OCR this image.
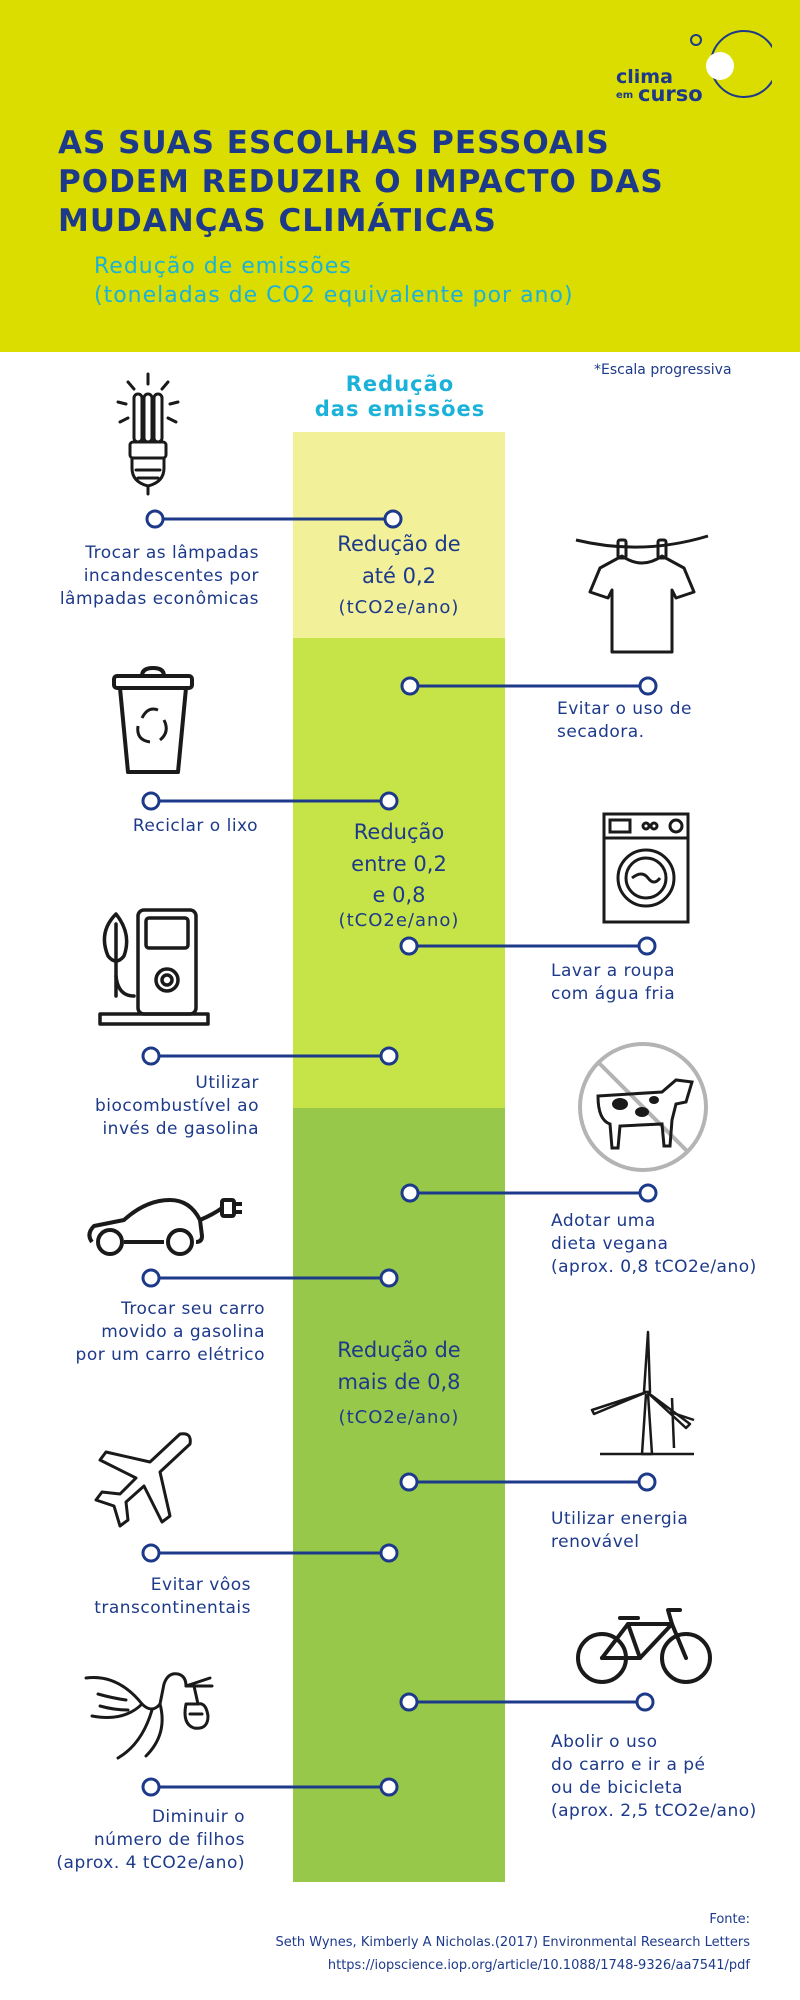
clima
em curso
AS SUAS ESCOLHAS PESSOAIS
PODEM REDUZIR O IMPACTO DAS
MUDANÇAS CLIMÁTICAS
Redução de emissões
(toneladas de CO2 equivalente por ano)
*Escala progressiva
Redução
das emissões
Redução de
até 0,2
(tCO2e/ano)
Redução
entre 0,2
e 0,8
(tCO2e/ano)
Redução de
mais de 0,8
(tCO2e/ano)
Trocar as lâmpadas
incandescentes por
lâmpadas econômicas
Reciclar o lixo
Utilizar
biocombustível ao
invés de gasolina
Trocar seu carro
movido a gasolina
por um carro elétrico
Evitar vôos
transcontinentais
Diminuir o
número de filhos
(aprox. 4 tCO2e/ano)
Evitar o uso de
secadora.
Lavar a roupa
com água fria
Adotar uma
dieta vegana
(aprox. 0,8 tCO2e/ano)
Utilizar energia
renovável
Abolir o uso
do carro e ir a pé
ou de bicicleta
(aprox. 2,5 tCO2e/ano)
Fonte:
Seth Wynes, Kimberly A Nicholas.(2017) Environmental Research Letters
https://iopscience.iop.org/article/10.1088/1748-9326/aa7541/pdf
